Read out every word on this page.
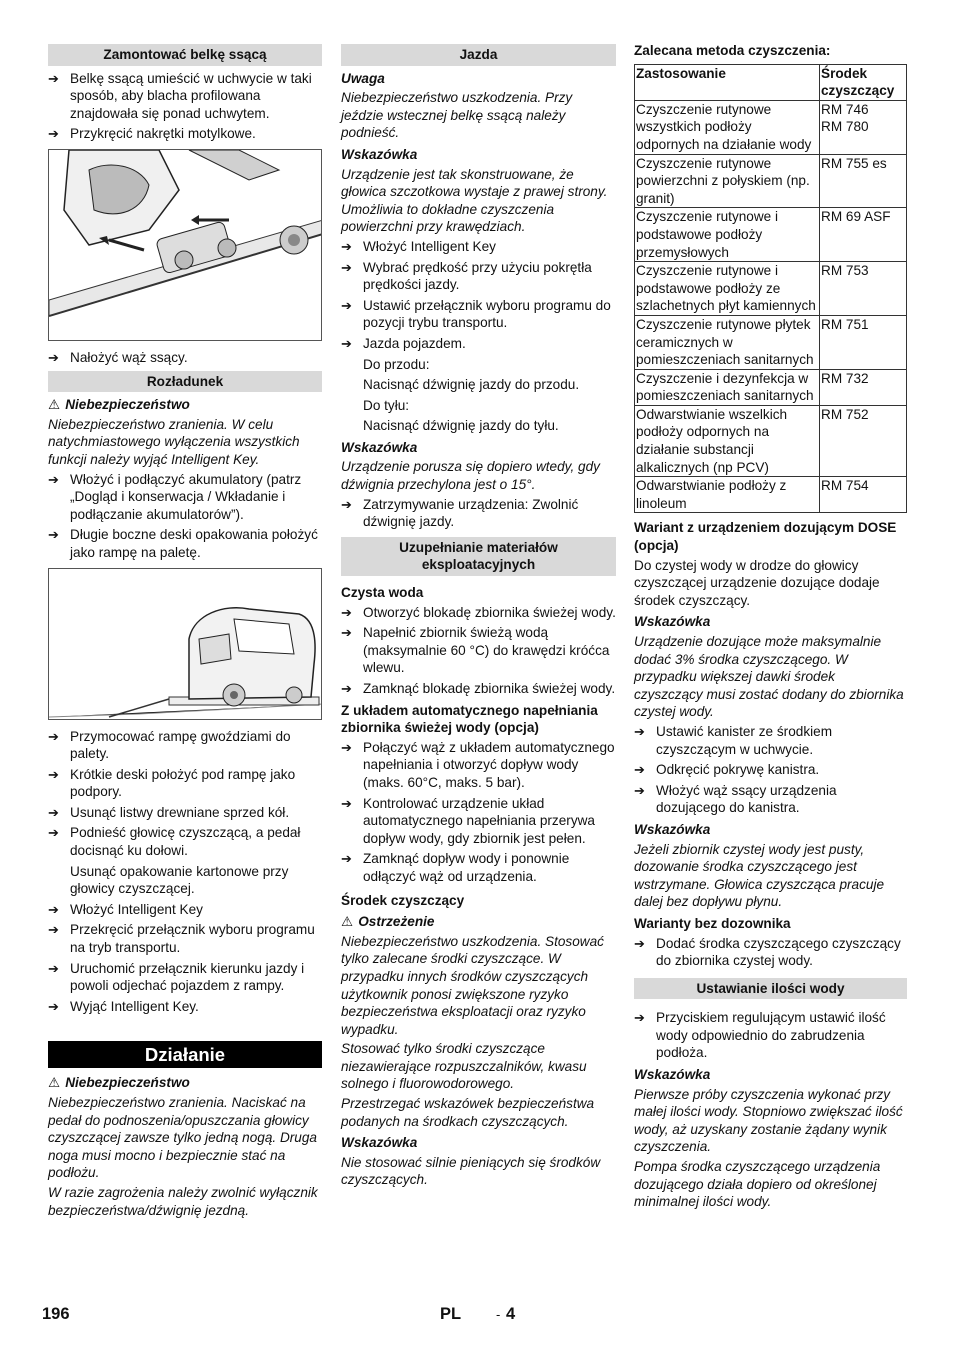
Zamontować belkę ssącą
➔ Belkę ssącą umieścić w uchwycie w taki sposób, aby blacha profilowana znajdowała się ponad uchwytem.
➔ Przykręcić nakrętki motylkowe.
➔ Nałożyć wąż ssący.
Rozładunek
⚠ Niebezpieczeństwo
Niebezpieczeństwo zranienia. W celu natychmiastowego wyłączenia wszystkich funkcji należy wyjąć Intelligent Key.
➔ Włożyć i podłączyć akumulatory (patrz „Dogląd i konserwacja / Wkładanie i podłączanie akumulatorów”).
➔ Długie boczne deski opakowania położyć jako rampę na paletę.
➔ Przymocować rampę gwoździami do palety.
➔ Krótkie deski położyć pod rampę jako podpory.
➔ Usunąć listwy drewniane sprzed kół.
➔ Podnieść głowicę czyszczącą, a pedał docisnąć ku dołowi.
Usunąć opakowanie kartonowe przy głowicy czyszczącej.
➔ Włożyć Intelligent Key
➔ Przekręcić przełącznik wyboru programu na tryb transportu.
➔ Uruchomić przełącznik kierunku jazdy i powoli odjechać pojazdem z rampy.
➔ Wyjąć Intelligent Key.
Działanie
⚠ Niebezpieczeństwo
Niebezpieczeństwo zranienia. Naciskać na pedał do podnoszenia/opuszczania głowicy czyszczącej zawsze tylko jedną nogą. Druga noga musi mocno i bezpiecznie stać na podłożu.
W razie zagrożenia należy zwolnić wyłącznik bezpieczeństwa/dźwignię jezdną.
Jazda
Uwaga
Niebezpieczeństwo uszkodzenia. Przy jeździe wstecznej belkę ssącą należy podnieść.
Wskazówka
Urządzenie jest tak skonstruowane, że głowica szczotkowa wystaje z prawej strony. Umożliwia to dokładne czyszczenia powierzchni przy krawędziach.
➔ Włożyć Intelligent Key
➔ Wybrać prędkość przy użyciu pokrętła prędkości jazdy.
➔ Ustawić przełącznik wyboru programu do pozycji trybu transportu.
➔ Jazda pojazdem.
Do przodu:
Nacisnąć dźwignię jazdy do przodu.
Do tyłu:
Nacisnąć dźwignię jazdy do tyłu.
Wskazówka
Urządzenie porusza się dopiero wtedy, gdy dźwignia przechylona jest o 15°.
➔ Zatrzymywanie urządzenia: Zwolnić dźwignię jazdy.
Uzupełnianie materiałów eksploatacyjnych
Czysta woda
➔ Otworzyć blokadę zbiornika świeżej wody.
➔ Napełnić zbiornik świeżą wodą (maksymalnie 60 °C) do krawędzi króćca wlewu.
➔ Zamknąć blokadę zbiornika świeżej wody.
Z układem automatycznego napełniania zbiornika świeżej wody (opcja)
➔ Połączyć wąż z układem automatycznego napełniania i otworzyć dopływ wody (maks. 60°C, maks. 5 bar).
➔ Kontrolować urządzenie układ automatycznego napełniania przerywa dopływ wody, gdy zbiornik jest pełen.
➔ Zamknąć dopływ wody i ponownie odłączyć wąż od urządzenia.
Środek czyszczący
⚠ Ostrzeżenie
Niebezpieczeństwo uszkodzenia. Stosować tylko zalecane środki czyszczące. W przypadku innych środków czyszczących użytkownik ponosi zwiększone ryzyko bezpieczeństwa eksploatacji oraz ryzyko wypadku.
Stosować tylko środki czyszczące niezawierające rozpuszczalników, kwasu solnego i fluorowodorowego.
Przestrzegać wskazówek bezpieczeństwa podanych na środkach czyszczących.
Wskazówka
Nie stosować silnie pieniących się środków czyszczących.
Zalecana metoda czyszczenia:
Zastosowanie	Środek czyszczący
Czyszczenie rutynowe wszystkich podłoży odpornych na działanie wody	RM 746
RM 780
Czyszczenie rutynowe powierzchni z połyskiem (np. granit)	RM 755 es
Czyszczenie rutynowe i podstawowe podłoży przemysłowych	RM 69 ASF
Czyszczenie rutynowe i podstawowe podłoży ze szlachetnych płyt kamiennych	RM 753
Czyszczenie rutynowe płytek ceramicznych w pomieszczeniach sanitarnych	RM 751
Czyszczenie i dezynfekcja w pomieszczeniach sanitarnych	RM 732
Odwarstwianie wszelkich podłoży odpornych na działanie substancji alkalicznych (np PCV)	RM 752
Odwarstwianie podłoży z linoleum	RM 754
Wariant z urządzeniem dozującym DOSE (opcja)
Do czystej wody w drodze do głowicy czyszczącej urządzenie dozujące dodaje środek czyszczący.
Wskazówka
Urządzenie dozujące może maksymalnie dodać 3% środka czyszczącego. W przypadku większej dawki środek czyszczący musi zostać dodany do zbiornika czystej wody.
➔ Ustawić kanister ze środkiem czyszczącym w uchwycie.
➔ Odkręcić pokrywę kanistra.
➔ Włożyć wąż ssący urządzenia dozującego do kanistra.
Wskazówka
Jeżeli zbiornik czystej wody jest pusty, dozowanie środka czyszczącego jest wstrzymane. Głowica czyszcząca pracuje dalej bez dopływu płynu.
Warianty bez dozownika
➔ Dodać środka czyszczącego czyszczący do zbiornika czystej wody.
Ustawianie ilości wody
➔ Przyciskiem regulującym ustawić ilość wody odpowiednio do zabrudzenia podłoża.
Wskazówka
Pierwsze próby czyszczenia wykonać przy małej ilości wody. Stopniowo zwiększać ilość wody, aż uzyskany zostanie żądany wynik czyszczenia.
Pompa środka czyszczącego urządzenia dozującego działa dopiero od określonej minimalnej ilości wody.
196	PL	- 4
